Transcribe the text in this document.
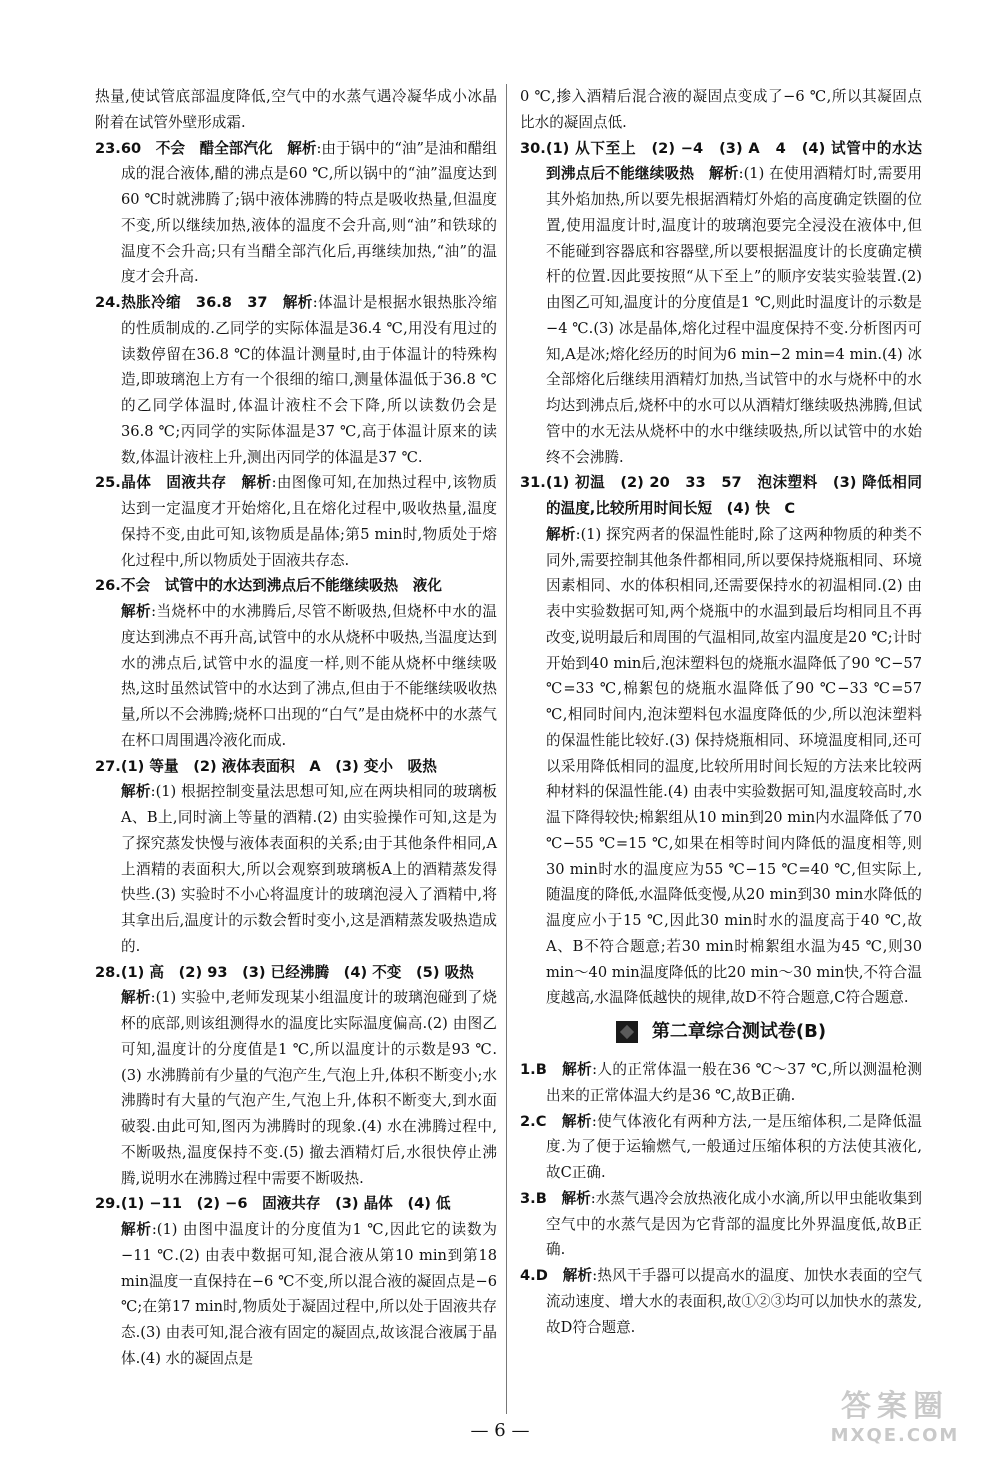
热量,使试管底部温度降低,空气中的水蒸气遇冷凝华成小冰晶附着在试管外壁形成霜.
23.60　不会　醋全部汽化　 解析:由于锅中的“油”是油和醋组成的混合液体,醋的沸点是60 ℃,所以锅中的“油”温度达到60 ℃时就沸腾了;锅中液体沸腾的特点是吸收热量,但温度不变,所以继续加热,液体的温度不会升高,则“油”和铁球的温度不会升高;只有当醋全部汽化后,再继续加热,“油”的温度才会升高.
24.热胀冷缩　36.8　37　 解析:体温计是根据水银热胀冷缩的性质制成的.乙同学的实际体温是36.4 ℃,用没有甩过的读数停留在36.8 ℃的体温计测量时,由于体温计的特殊构造,即玻璃泡上方有一个很细的缩口,测量体温低于36.8 ℃的乙同学体温时,体温计液柱不会下降,所以读数仍会是36.8 ℃;丙同学的实际体温是37 ℃,高于体温计原来的读数,体温计液柱上升,测出丙同学的体温是37 ℃.
25.晶体　固液共存　 解析:由图像可知,在加热过程中,该物质达到一定温度才开始熔化,且在熔化过程中,吸收热量,温度保持不变,由此可知,该物质是晶体;第5 min时,物质处于熔化过程中,所以物质处于固液共存态.
26.不会　试管中的水达到沸点后不能继续吸热　液化
解析:当烧杯中的水沸腾后,尽管不断吸热,但烧杯中水的温度达到沸点不再升高,试管中的水从烧杯中吸热,当温度达到水的沸点后,试管中水的温度一样,则不能从烧杯中继续吸热,这时虽然试管中的水达到了沸点,但由于不能继续吸收热量,所以不会沸腾;烧杯口出现的“白气”是由烧杯中的水蒸气在杯口周围遇冷液化而成.
27.(1) 等量　(2) 液体表面积　A　(3) 变小　吸热
解析:(1) 根据控制变量法思想可知,应在两块相同的玻璃板A、B上,同时滴上等量的酒精.(2) 由实验操作可知,这是为了探究蒸发快慢与液体表面积的关系;由于其他条件相同,A上酒精的表面积大,所以会观察到玻璃板A上的酒精蒸发得快些.(3) 实验时不小心将温度计的玻璃泡浸入了酒精中,将其拿出后,温度计的示数会暂时变小,这是酒精蒸发吸热造成的.
28.(1) 高　(2) 93　(3) 已经沸腾　(4) 不变　(5) 吸热
解析:(1) 实验中,老师发现某小组温度计的玻璃泡碰到了烧杯的底部,则该组测得水的温度比实际温度偏高.(2) 由图乙可知,温度计的分度值是1 ℃,所以温度计的示数是93 ℃.(3) 水沸腾前有少量的气泡产生,气泡上升,体积不断变小;水沸腾时有大量的气泡产生,气泡上升,体积不断变大,到水面破裂.由此可知,图丙为沸腾时的现象.(4) 水在沸腾过程中,不断吸热,温度保持不变.(5) 撤去酒精灯后,水很快停止沸腾,说明水在沸腾过程中需要不断吸热.
29.(1) −11　(2) −6　固液共存　(3) 晶体　(4) 低
解析:(1) 由图中温度计的分度值为1 ℃,因此它的读数为−11 ℃.(2) 由表中数据可知,混合液从第10 min到第18 min温度一直保持在−6 ℃不变,所以混合液的凝固点是−6 ℃;在第17 min时,物质处于凝固过程中,所以处于固液共存态.(3) 由表可知,混合液有固定的凝固点,故该混合液属于晶体.(4) 水的凝固点是
0 ℃,掺入酒精后混合液的凝固点变成了−6 ℃,所以其凝固点比水的凝固点低.
30.(1) 从下至上　(2) −4　(3) A　4　(4) 试管中的水达到沸点后不能继续吸热　 解析:(1) 在使用酒精灯时,需要用其外焰加热,所以要先根据酒精灯外焰的高度确定铁圈的位置,使用温度计时,温度计的玻璃泡要完全浸没在液体中,但不能碰到容器底和容器壁,所以要根据温度计的长度确定横杆的位置.因此要按照“从下至上”的顺序安装实验装置.(2) 由图乙可知,温度计的分度值是1 ℃,则此时温度计的示数是−4 ℃.(3) 冰是晶体,熔化过程中温度保持不变.分析图丙可知,A是冰;熔化经历的时间为6 min−2 min=4 min.(4) 冰全部熔化后继续用酒精灯加热,当试管中的水与烧杯中的水均达到沸点后,烧杯中的水可以从酒精灯继续吸热沸腾,但试管中的水无法从烧杯中的水中继续吸热,所以试管中的水始终不会沸腾.
31.(1) 初温　(2) 20　33　57　泡沫塑料　(3) 降低相同的温度,比较所用时间长短　(4) 快　C
解析:(1) 探究两者的保温性能时,除了这两种物质的种类不同外,需要控制其他条件都相同,所以要保持烧瓶相同、环境因素相同、水的体积相同,还需要保持水的初温相同.(2) 由表中实验数据可知,两个烧瓶中的水温到最后均相同且不再改变,说明最后和周围的气温相同,故室内温度是20 ℃;计时开始到40 min后,泡沫塑料包的烧瓶水温降低了90 ℃−57 ℃=33 ℃,棉絮包的烧瓶水温降低了90 ℃−33 ℃=57 ℃,相同时间内,泡沫塑料包水温度降低的少,所以泡沫塑料的保温性能比较好.(3) 保持烧瓶相同、环境温度相同,还可以采用降低相同的温度,比较所用时间长短的方法来比较两种材料的保温性能.(4) 由表中实验数据可知,温度较高时,水温下降得较快;棉絮组从10 min到20 min内水温降低了70 ℃−55 ℃=15 ℃,如果在相等时间内降低的温度相等,则30 min时水的温度应为55 ℃−15 ℃=40 ℃,但实际上,随温度的降低,水温降低变慢,从20 min到30 min水降低的温度应小于15 ℃,因此30 min时水的温度高于40 ℃,故A、B不符合题意;若30 min时棉絮组水温为45 ℃,则30 min～40 min温度降低的比20 min～30 min快,不符合温度越高,水温降低越快的规律,故D不符合题意,C符合题意.
第二章综合测试卷(B)
1.B　 解析:人的正常体温一般在36 ℃～37 ℃,所以测温枪测出来的正常体温大约是36 ℃,故B正确.
2.C　 解析:使气体液化有两种方法,一是压缩体积,二是降低温度.为了便于运输燃气,一般通过压缩体积的方法使其液化,故C正确.
3.B　 解析:水蒸气遇冷会放热液化成小水滴,所以甲虫能收集到空气中的水蒸气是因为它背部的温度比外界温度低,故B正确.
4.D　 解析:热风干手器可以提高水的温度、加快水表面的空气流动速度、增大水的表面积,故①②③均可以加快水的蒸发,故D符合题意.
— 6 —
答案圈
MXQE.COM
